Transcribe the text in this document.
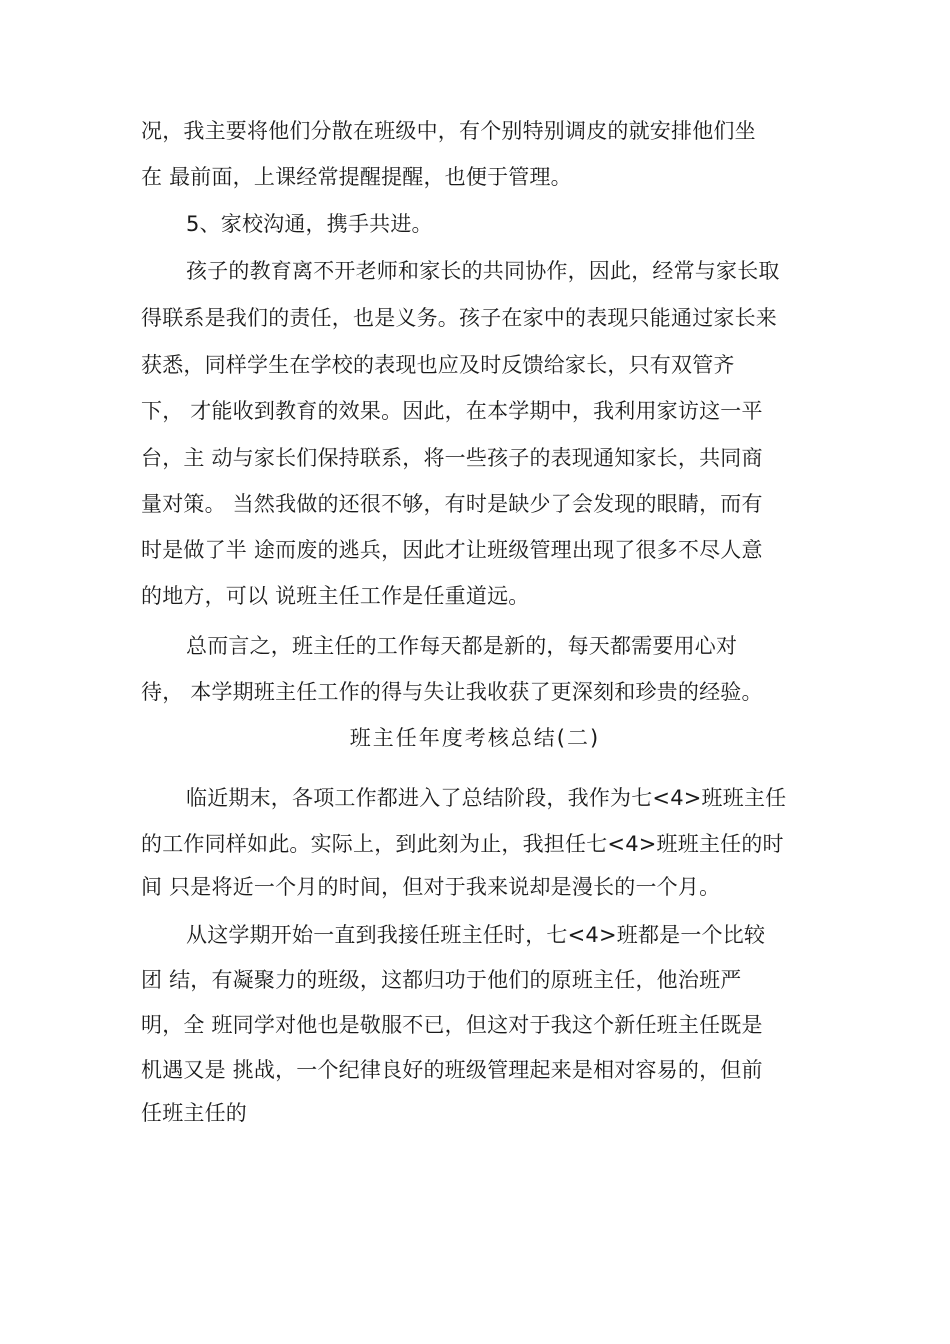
况，我主要将他们分散在班级中，有个别特别调皮的就安排他们坐
在 最前面，上课经常提醒提醒，也便于管理。
5、家校沟通，携手共进。
孩子的教育离不开老师和家长的共同协作，因此，经常与家长取
得联系是我们的责任，也是义务。孩子在家中的表现只能通过家长来
获悉，同样学生在学校的表现也应及时反馈给家长，只有双管齐
下， 才能收到教育的效果。因此，在本学期中，我利用家访这一平
台，主 动与家长们保持联系，将一些孩子的表现通知家长，共同商
量对策。 当然我做的还很不够，有时是缺少了会发现的眼睛，而有
时是做了半 途而废的逃兵，因此才让班级管理出现了很多不尽人意
的地方，可以 说班主任工作是任重道远。
总而言之，班主任的工作每天都是新的，每天都需要用心对
待， 本学期班主任工作的得与失让我收获了更深刻和珍贵的经验。
班主任年度考核总结(二)
临近期末，各项工作都进入了总结阶段，我作为七<4>班班主任
的工作同样如此。实际上，到此刻为止，我担任七<4>班班主任的时
间 只是将近一个月的时间，但对于我来说却是漫长的一个月。
从这学期开始一直到我接任班主任时，七<4>班都是一个比较
团 结，有凝聚力的班级，这都归功于他们的原班主任，他治班严
明，全 班同学对他也是敬服不已，但这对于我这个新任班主任既是
机遇又是 挑战，一个纪律良好的班级管理起来是相对容易的，但前
任班主任的
